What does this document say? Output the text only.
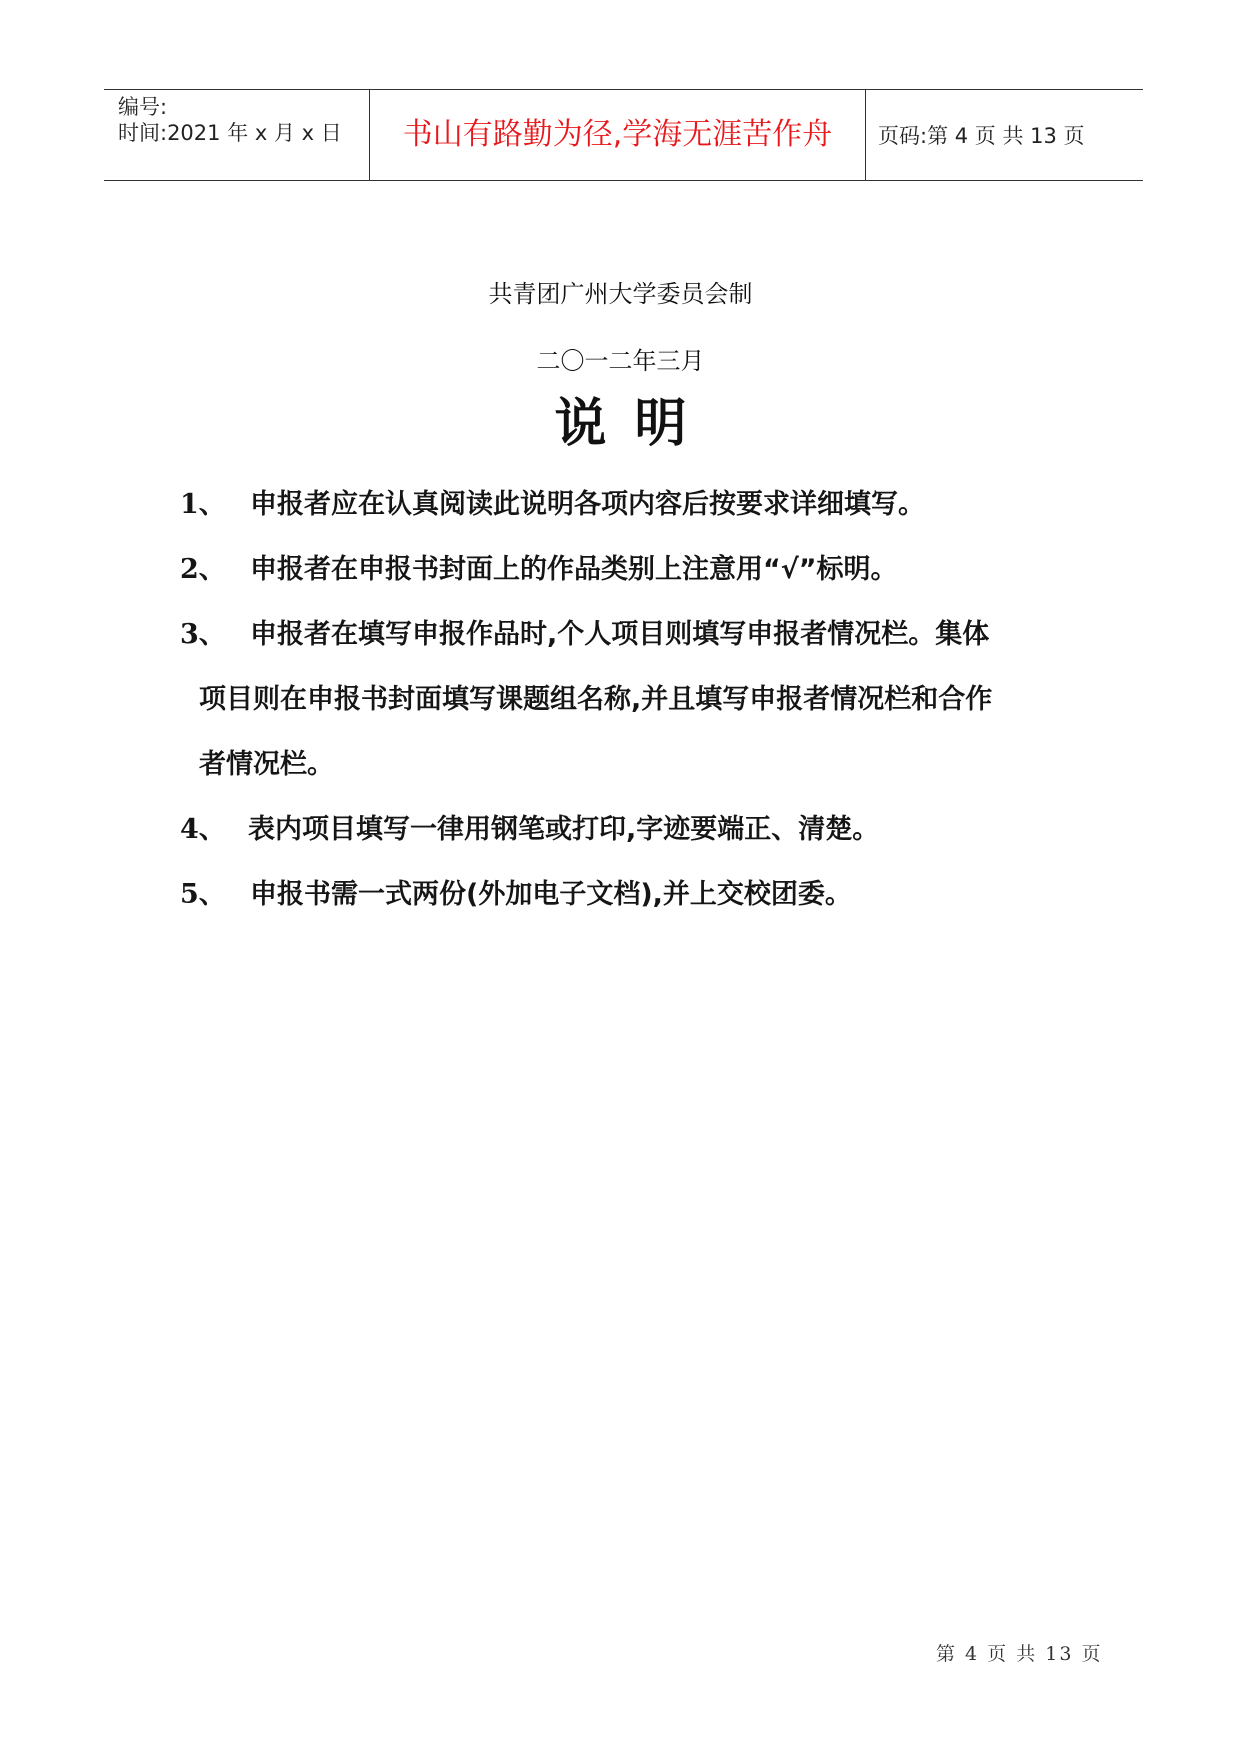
编号:
时间:2021 年 x 月 x 日	书山有路勤为径,学海无涯苦作舟	页码:第 4 页 共 13 页
共青团广州大学委员会制
二〇一二年三月
说明
1、 申报者应在认真阅读此说明各项内容后按要求详细填写。
2、 申报者在申报书封面上的作品类别上注意用“√”标明。
3、 申报者在填写申报作品时,个人项目则填写申报者情况栏。集体
项目则在申报书封面填写课题组名称,并且填写申报者情况栏和合作
者情况栏。
4、 表内项目填写一律用钢笔或打印,字迹要端正、清楚。
5、 申报书需一式两份(外加电子文档),并上交校团委。
第 4 页 共 13 页
